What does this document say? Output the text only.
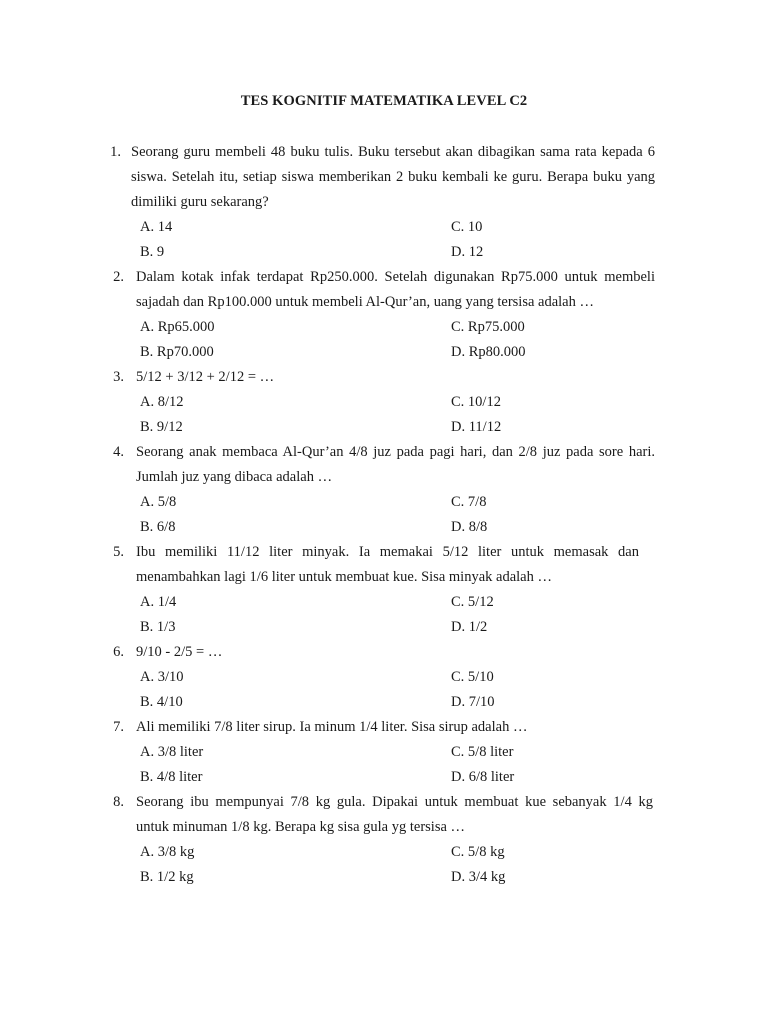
TES KOGNITIF MATEMATIKA LEVEL C2
1. Seorang guru membeli 48 buku tulis. Buku tersebut akan dibagikan sama rata kepada 6
siswa. Setelah itu, setiap siswa memberikan 2 buku kembali ke guru. Berapa buku yang
dimiliki guru sekarang?
A. 14	C. 10
B. 9	D. 12
2. Dalam kotak infak terdapat Rp250.000. Setelah digunakan Rp75.000 untuk membeli
sajadah dan Rp100.000 untuk membeli Al-Qur’an, uang yang tersisa adalah …
A. Rp65.000	C. Rp75.000
B. Rp70.000	D. Rp80.000
3. 5/12 + 3/12 + 2/12 = …
A. 8/12	C. 10/12
B. 9/12	D. 11/12
4. Seorang anak membaca Al-Qur’an 4/8 juz pada pagi hari, dan 2/8 juz pada sore hari.
Jumlah juz yang dibaca adalah …
A. 5/8	C. 7/8
B. 6/8	D. 8/8
5. Ibu memiliki 11/12 liter minyak. Ia memakai 5/12 liter untuk memasak dan
menambahkan lagi 1/6 liter untuk membuat kue. Sisa minyak adalah …
A. 1/4	C. 5/12
B. 1/3	D. 1/2
6. 9/10 - 2/5 = …
A. 3/10	C. 5/10
B. 4/10	D. 7/10
7. Ali memiliki 7/8 liter sirup. Ia minum 1/4 liter. Sisa sirup adalah …
A. 3/8 liter	C. 5/8 liter
B. 4/8 liter	D. 6/8 liter
8. Seorang ibu mempunyai 7/8 kg gula. Dipakai untuk membuat kue sebanyak 1/4 kg
untuk minuman 1/8 kg. Berapa kg sisa gula yg tersisa …
A. 3/8 kg	C. 5/8 kg
B. 1/2 kg	D. 3/4 kg
